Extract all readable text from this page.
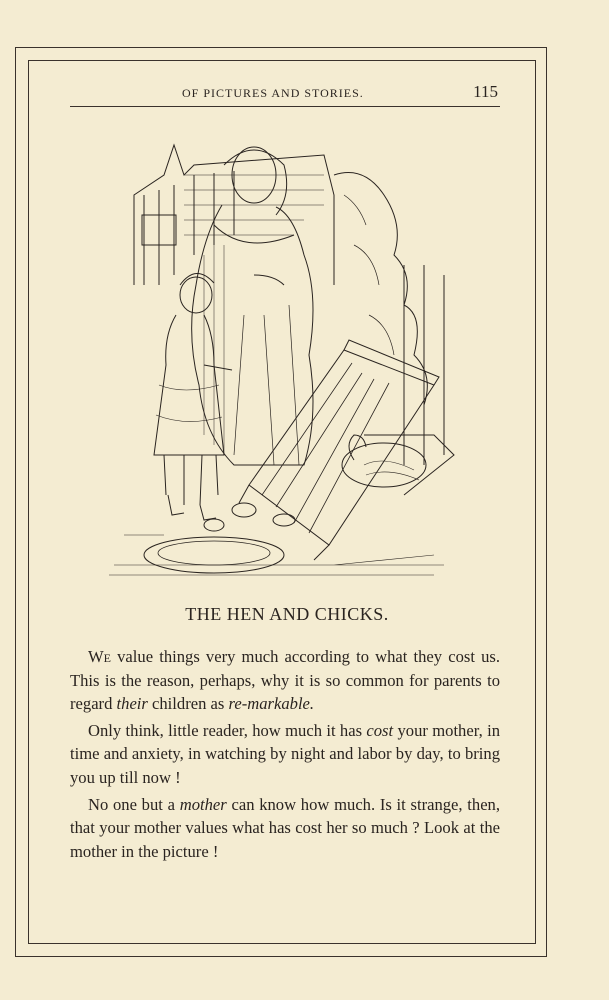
OF PICTURES AND STORIES.	115
THE HEN AND CHICKS.

We value things very much according to what they cost us. This is the reason, perhaps, why it is so common for parents to regard their children as re-markable.

Only think, little reader, how much it has cost your mother, in time and anxiety, in watching by night and labor by day, to bring you up till now !

No one but a mother can know how much. Is it strange, then, that your mother values what has cost her so much ? Look at the mother in the picture !
